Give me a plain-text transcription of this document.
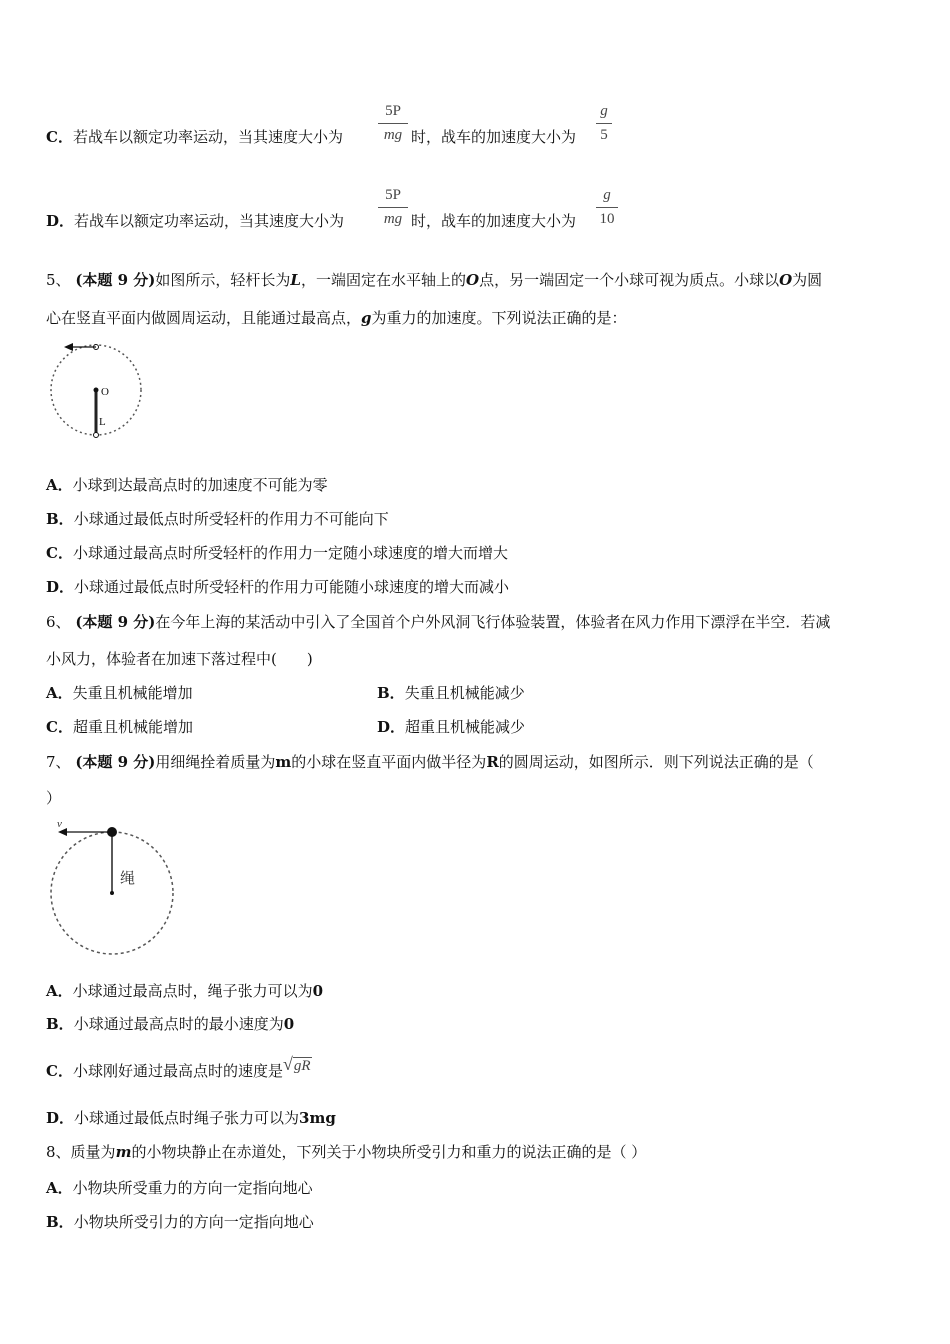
C．若战车以额定功率运动，当其速度大小为
5P
mg 时，战车的加速度大小为
g
5
D．若战车以额定功率运动，当其速度大小为
5P
mg 时，战车的加速度大小为
g
10
5、 (本题 9 分)如图所示，轻杆长为L，一端固定在水平轴上的O点，另一端固定一个小球可视为质点。小球以O为圆
心在竖直平面内做圆周运动，且能通过最高点，g为重力的加速度。下列说法正确的是：
O
L
A．小球到达最高点时的加速度不可能为零
B．小球通过最低点时所受轻杆的作用力不可能向下
C．小球通过最高点时所受轻杆的作用力一定随小球速度的增大而增大
D．小球通过最低点时所受轻杆的作用力可能随小球速度的增大而减小
6、 (本题 9 分)在今年上海的某活动中引入了全国首个户外风洞飞行体验装置，体验者在风力作用下漂浮在半空．若减
小风力，体验者在加速下落过程中(　　)
A．失重且机械能增加	B．失重且机械能减少
C．超重且机械能增加	D．超重且机械能减少
7、 (本题 9 分)用细绳拴着质量为m的小球在竖直平面内做半径为R的圆周运动，如图所示．则下列说法正确的是（
）
v
绳
A．小球通过最高点时，绳子张力可以为0
B．小球通过最高点时的最小速度为0
C．小球刚好通过最高点时的速度是√gR
D．小球通过最低点时绳子张力可以为3mg
8、质量为m的小物块静止在赤道处，下列关于小物块所受引力和重力的说法正确的是（ ）
A．小物块所受重力的方向一定指向地心
B．小物块所受引力的方向一定指向地心
